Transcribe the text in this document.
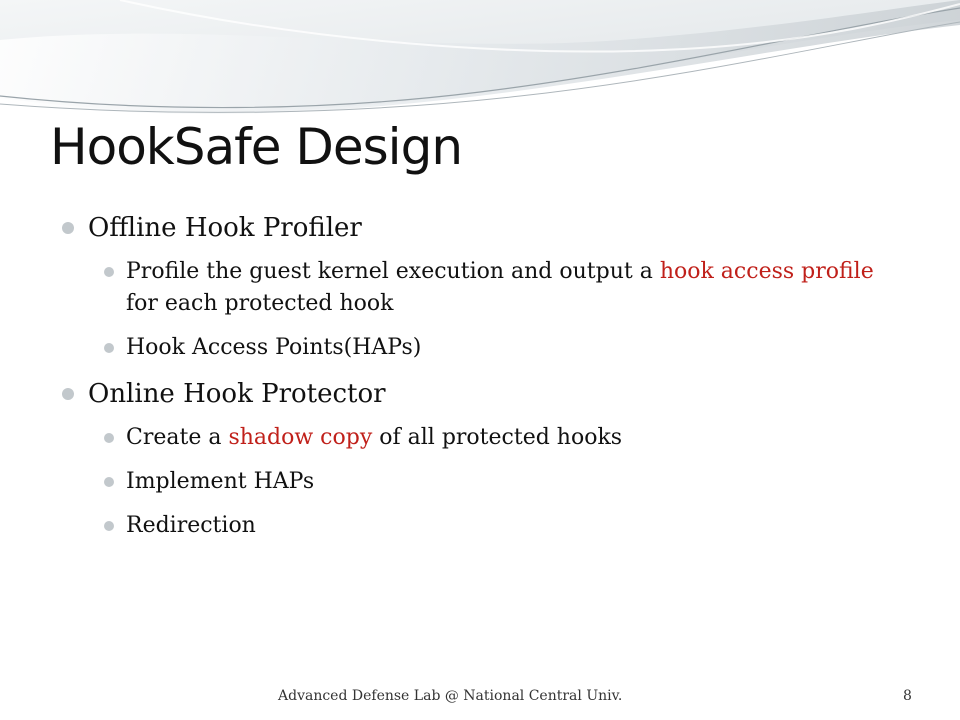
HookSafe Design
Offline Hook Profiler
Profile the guest kernel execution and output a hook access profile for each protected hook
Hook Access Points(HAPs)
Online Hook Protector
Create a shadow copy of all protected hooks
Implement HAPs
Redirection
Advanced Defense Lab @ National Central Univ.	8
